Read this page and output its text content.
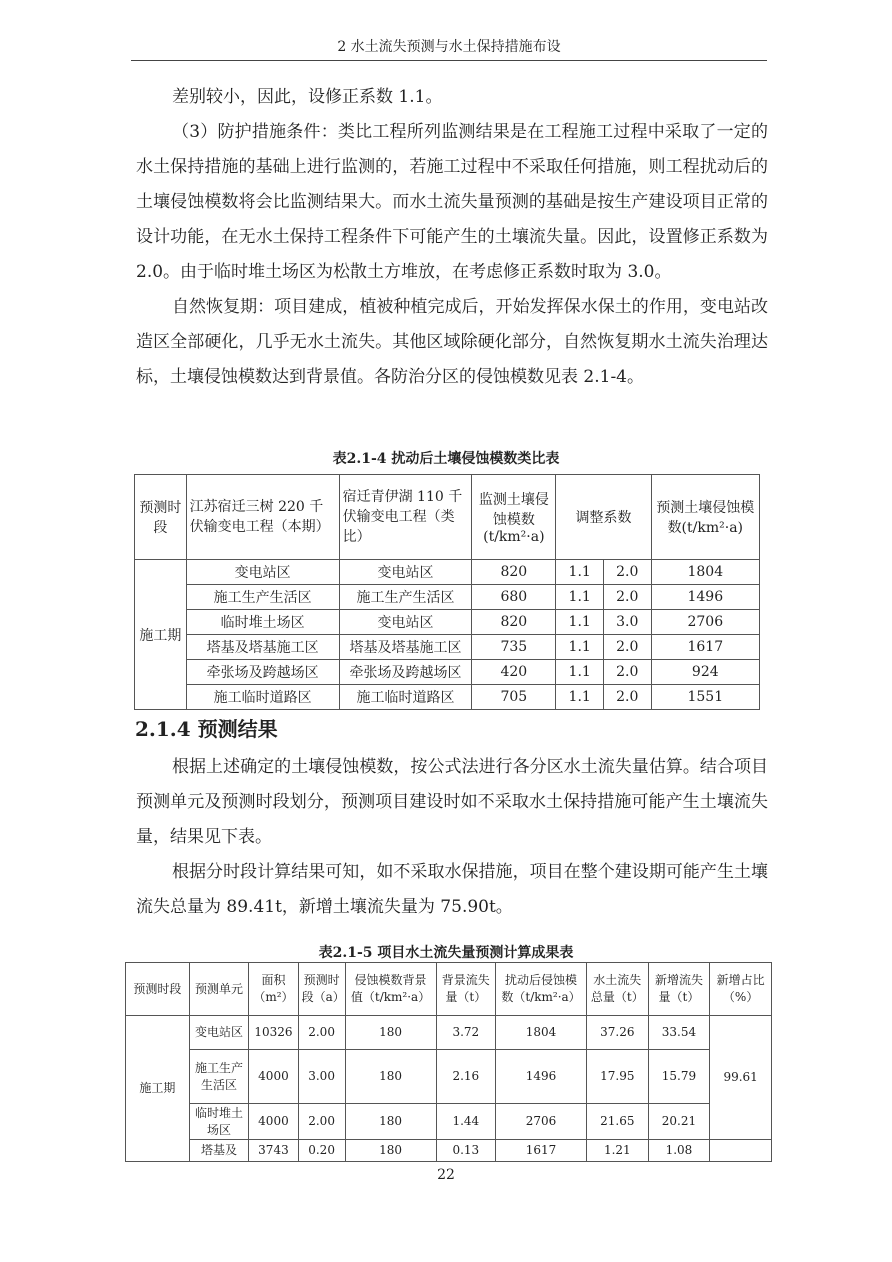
2 水土流失预测与水土保持措施布设
差别较小，因此，设修正系数 1.1。
（3）防护措施条件：类比工程所列监测结果是在工程施工过程中采取了一定的水土保持措施的基础上进行监测的，若施工过程中不采取任何措施，则工程扰动后的土壤侵蚀模数将会比监测结果大。而水土流失量预测的基础是按生产建设项目正常的设计功能，在无水土保持工程条件下可能产生的土壤流失量。因此，设置修正系数为 2.0。由于临时堆土场区为松散土方堆放，在考虑修正系数时取为 3.0。
自然恢复期：项目建成，植被种植完成后，开始发挥保水保土的作用，变电站改造区全部硬化，几乎无水土流失。其他区域除硬化部分，自然恢复期水土流失治理达标，土壤侵蚀模数达到背景值。各防治分区的侵蚀模数见表 2.1-4。
表2.1-4 扰动后土壤侵蚀模数类比表
预测时段	江苏宿迁三树 220 千伏输变电工程（本期）	宿迁青伊湖 110 千伏输变电工程（类比）	监测土壤侵蚀模数(t/km²·a)	调整系数		预测土壤侵蚀模数(t/km²·a)
施工期	变电站区	变电站区	820	1.1	2.0	1804
	施工生产生活区	施工生产生活区	680	1.1	2.0	1496
	临时堆土场区	变电站区	820	1.1	3.0	2706
	塔基及塔基施工区	塔基及塔基施工区	735	1.1	2.0	1617
	牵张场及跨越场区	牵张场及跨越场区	420	1.1	2.0	924
	施工临时道路区	施工临时道路区	705	1.1	2.0	1551
2.1.4 预测结果
根据上述确定的土壤侵蚀模数，按公式法进行各分区水土流失量估算。结合项目预测单元及预测时段划分，预测项目建设时如不采取水土保持措施可能产生土壤流失量，结果见下表。
根据分时段计算结果可知，如不采取水保措施，项目在整个建设期可能产生土壤流失总量为 89.41t，新增土壤流失量为 75.90t。
表2.1-5 项目水土流失量预测计算成果表
预测时段	预测单元	面积（m²）	预测时段（a）	侵蚀模数背景值（t/km²·a）	背景流失量（t）	扰动后侵蚀模数（t/km²·a）	水土流失总量（t）	新增流失量（t）	新增占比（%）
施工期	变电站区	10326	2.00	180	3.72	1804	37.26	33.54	99.61
	施工生产生活区	4000	3.00	180	2.16	1496	17.95	15.79	
	临时堆土场区	4000	2.00	180	1.44	2706	21.65	20.21	
	塔基及	3743	0.20	180	0.13	1617	1.21	1.08	
22
